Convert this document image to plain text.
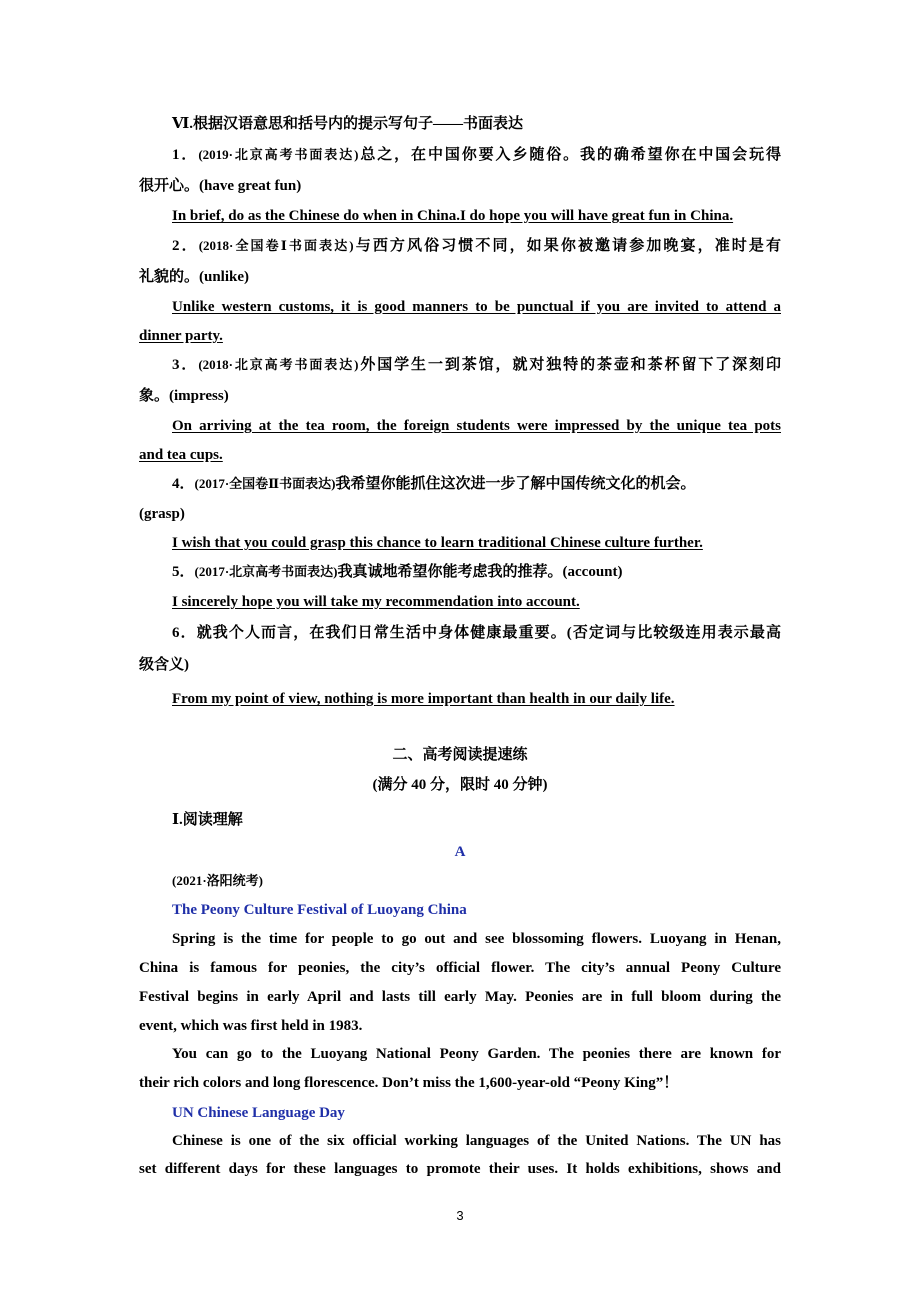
Ⅵ.根据汉语意思和括号内的提示写句子——书面表达
1．(2019·北京高考书面表达)总之，在中国你要入乡随俗。我的确希望你在中国会玩得
很开心。(have great fun)
In brief, do as the Chinese do when in China.I do hope you will have great fun in China.
2．(2018·全国卷Ⅰ书面表达)与西方风俗习惯不同，如果你被邀请参加晚宴，准时是有
礼貌的。(unlike)
Unlike western customs, it is good manners to be punctual if you are invited to attend a
dinner party.
3．(2018·北京高考书面表达)外国学生一到茶馆，就对独特的茶壶和茶杯留下了深刻印
象。(impress)
On arriving at the tea room, the foreign students were impressed by the unique tea pots
and tea cups.
4．(2017·全国卷Ⅱ书面表达)我希望你能抓住这次进一步了解中国传统文化的机会。
(grasp)
I wish that you could grasp this chance to learn traditional Chinese culture further.
5．(2017·北京高考书面表达)我真诚地希望你能考虑我的推荐。(account)
I sincerely hope you will take my recommendation into account.
6．就我个人而言，在我们日常生活中身体健康最重要。(否定词与比较级连用表示最高
级含义)
From my point of view, nothing is more important than health in our daily life.
二、高考阅读提速练
(满分 40 分，限时 40 分钟)
Ⅰ.阅读理解
A
(2021·洛阳统考)
The Peony Culture Festival of Luoyang China
Spring is the time for people to go out and see blossoming flowers. Luoyang in Henan,
China is famous for peonies, the city’s official flower. The city’s annual Peony Culture
Festival begins in early April and lasts till early May. Peonies are in full bloom during the
event, which was first held in 1983.
You can go to the Luoyang National Peony Garden. The peonies there are known for
their rich colors and long florescence. Don’t miss the 1,600-year-old “Peony King”！
UN Chinese Language Day
Chinese is one of the six official working languages of the United Nations. The UN has
set different days for these languages to promote their uses. It holds exhibitions, shows and
3
